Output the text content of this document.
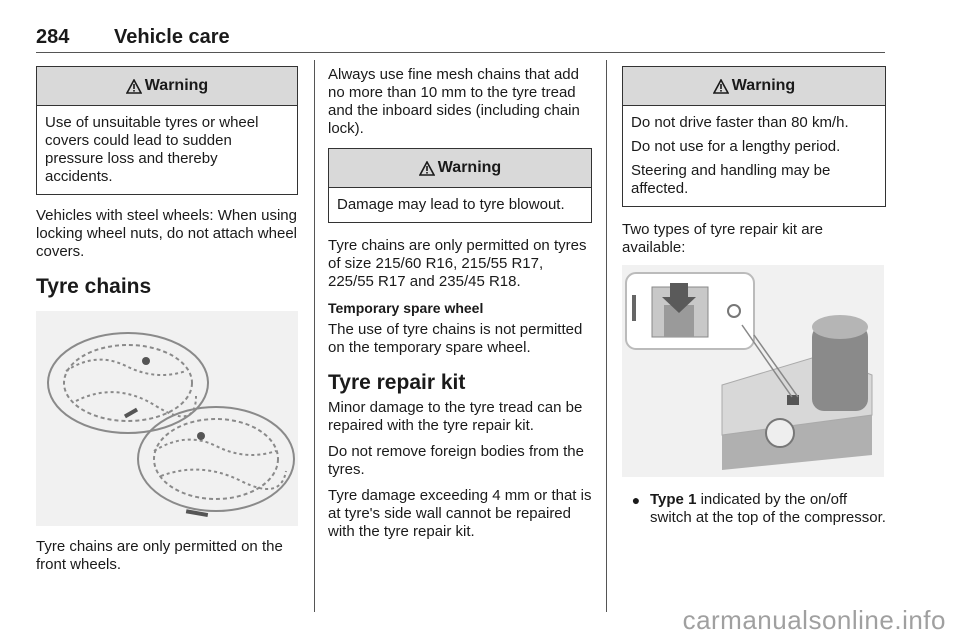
284 Vehicle care
Warning
Use of unsuitable tyres or wheel covers could lead to sudden pressure loss and thereby accidents.

Vehicles with steel wheels: When using locking wheel nuts, do not attach wheel covers.

Tyre chains

Tyre chains are only permitted on the front wheels.

Always use fine mesh chains that add no more than 10 mm to the tyre tread and the inboard sides (including chain lock).

Warning
Damage may lead to tyre blowout.

Tyre chains are only permitted on tyres of size 215/60 R16, 215/55 R17, 225/55 R17 and 235/45 R18.

Temporary spare wheel

The use of tyre chains is not permitted on the temporary spare wheel.

Tyre repair kit

Minor damage to the tyre tread can be repaired with the tyre repair kit.

Do not remove foreign bodies from the tyres.

Tyre damage exceeding 4 mm or that is at tyre's side wall cannot be repaired with the tyre repair kit.

Warning

Do not drive faster than 80 km/h.

Do not use for a lengthy period.

Steering and handling may be affected.

Two types of tyre repair kit are available:

● Type 1 indicated by the on/off switch at the top of the compressor.
carmanualsonline.info
